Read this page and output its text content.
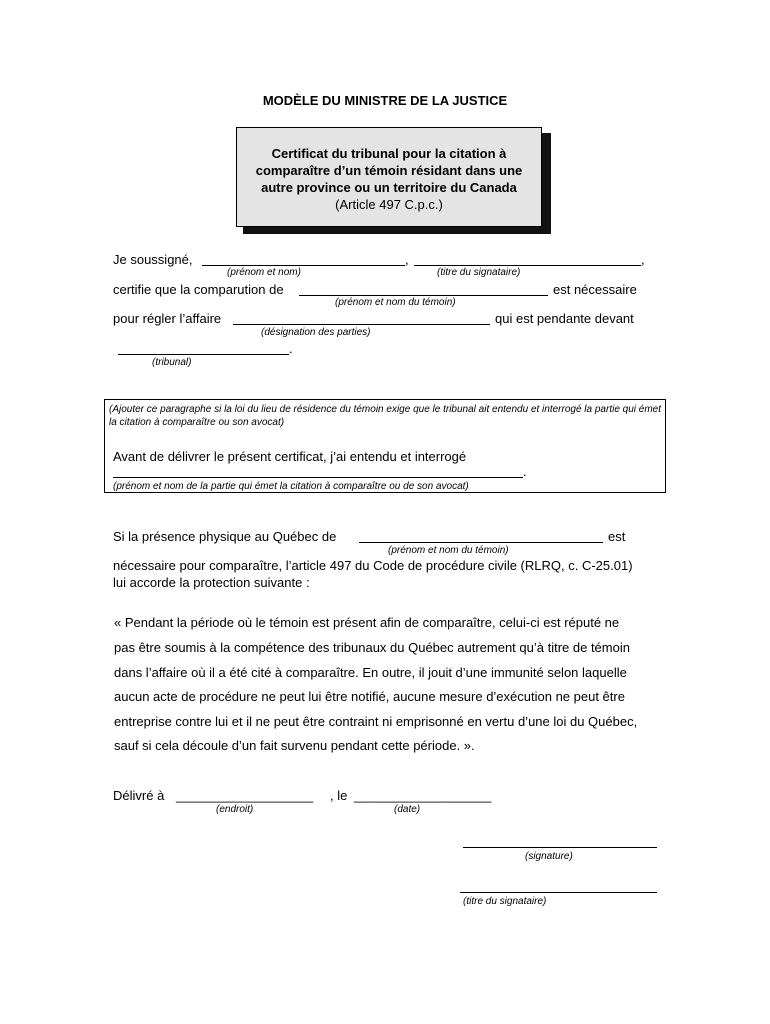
MODÈLE DU MINISTRE DE LA JUSTICE
Certificat du tribunal pour la citation à
comparaître d’un témoin résidant dans une
autre province ou un territoire du Canada
(Article 497 C.p.c.)
Je soussigné,	,	,
(prénom et nom)	(titre du signataire)
certifie que la comparution de	est nécessaire
(prénom et nom du témoin)
pour régler l’affaire	qui est pendante devant
(désignation des parties)
.
(tribunal)
(Ajouter ce paragraphe si la loi du lieu de résidence du témoin exige que le tribunal ait entendu et interrogé la partie qui émet la citation à comparaître ou son avocat)
Avant de délivrer le présent certificat, j’ai entendu et interrogé
.
(prénom et nom de la partie qui émet la citation à comparaître ou de son avocat)
Si la présence physique au Québec de	est
(prénom et nom du témoin)
nécessaire pour comparaître, l’article 497 du Code de procédure civile (RLRQ, c. C-25.01)
lui accorde la protection suivante :
« Pendant la période où le témoin est présent afin de comparaître, celui-ci est réputé ne
pas être soumis à la compétence des tribunaux du Québec autrement qu’à titre de témoin
dans l’affaire où il a été cité à comparaître. En outre, il jouit d’une immunité selon laquelle
aucun acte de procédure ne peut lui être notifié, aucune mesure d’exécution ne peut être
entreprise contre lui et il ne peut être contraint ni emprisonné en vertu d’une loi du Québec,
sauf si cela découle d’un fait survenu pendant cette période. ».
Délivré à ___________________ , le ___________________
(endroit)	(date)
(signature)
(titre du signataire)
